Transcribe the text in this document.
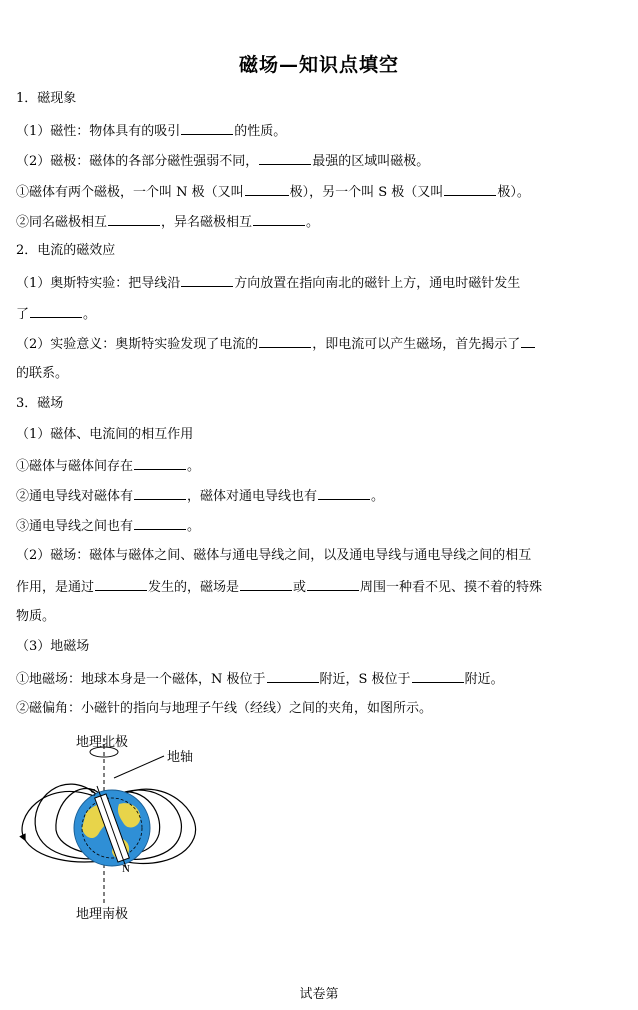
磁场—知识点填空
1．磁现象
（1）磁性：物体具有的吸引	的性质。
（2）磁极：磁体的各部分磁性强弱不同，	最强的区域叫磁极。
①磁体有两个磁极，一个叫 N 极（又叫	极），另一个叫 S 极（又叫	极）。
②同名磁极相互	，异名磁极相互	。
2．电流的磁效应
（1）奥斯特实验：把导线沿	方向放置在指向南北的磁针上方，通电时磁针发生
了	。
（2）实验意义：奥斯特实验发现了电流的	，即电流可以产生磁场，首先揭示了
的联系。
3．磁场
（1）磁体、电流间的相互作用
①磁体与磁体间存在	。
②通电导线对磁体有	，磁体对通电导线也有	。
③通电导线之间也有	。
（2）磁场：磁体与磁体之间、磁体与通电导线之间，以及通电导线与通电导线之间的相互
作用，是通过	发生的，磁场是	或	周围一种看不见、摸不着的特殊
物质。
（3）地磁场
①地磁场：地球本身是一个磁体，N 极位于	附近，S 极位于	附近。
②磁偏角：小磁针的指向与地理子午线（经线）之间的夹角，如图所示。
地理北极
地轴
地理南极
S
N
试卷第
